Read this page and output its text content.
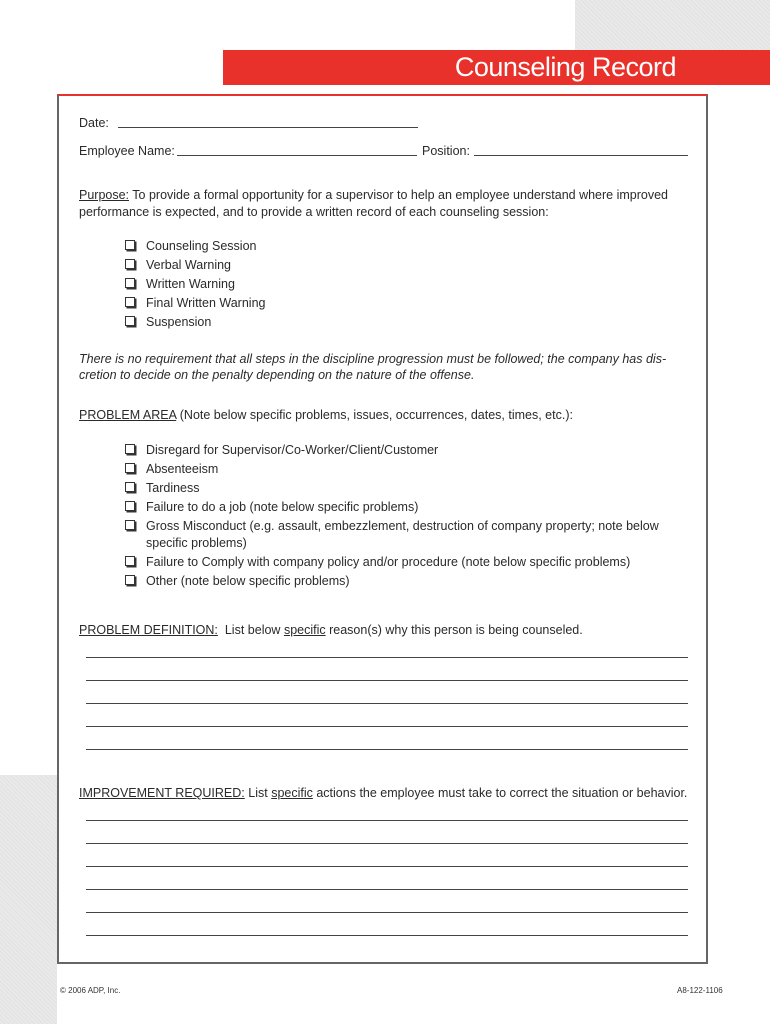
Counseling Record
Date:
Employee Name:	Position:
Purpose: To provide a formal opportunity for a supervisor to help an employee understand where improved
performance is expected, and to provide a written record of each counseling session:
Counseling Session
Verbal Warning
Written Warning
Final Written Warning
Suspension
There is no requirement that all steps in the discipline progression must be followed; the company has dis-
cretion to decide on the penalty depending on the nature of the offense.
PROBLEM AREA (Note below specific problems, issues, occurrences, dates, times, etc.):
Disregard for Supervisor/Co-Worker/Client/Customer
Absenteeism
Tardiness
Failure to do a job (note below specific problems)
Gross Misconduct (e.g. assault, embezzlement, destruction of company property; note below
specific problems)
Failure to Comply with company policy and/or procedure (note below specific problems)
Other (note below specific problems)
PROBLEM DEFINITION: List below specific reason(s) why this person is being counseled.
IMPROVEMENT REQUIRED: List specific actions the employee must take to correct the situation or behavior.
© 2006 ADP, Inc.	A8-122-1106
